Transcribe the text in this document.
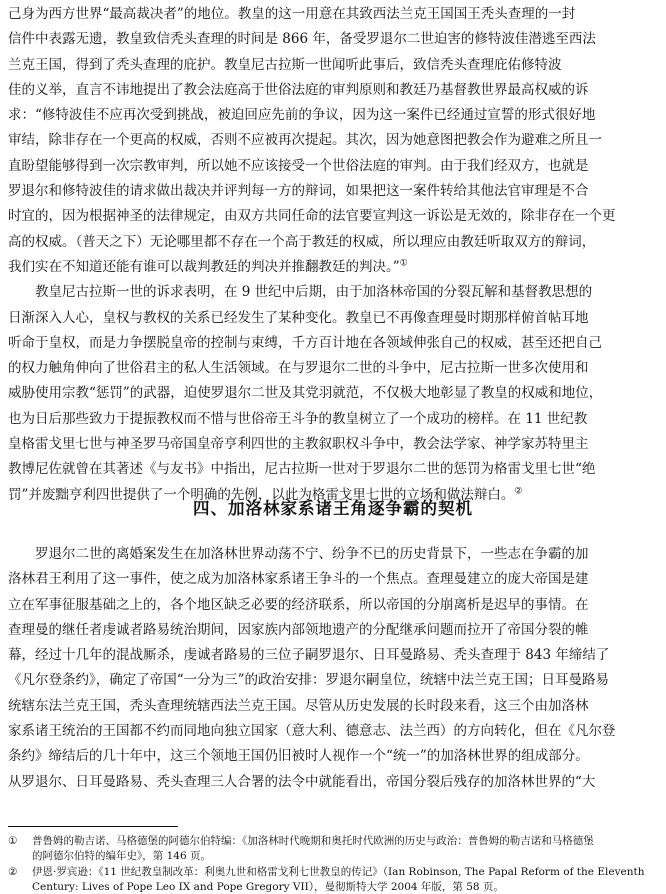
己身为西方世界“最高裁决者”的地位。教皇的这一用意在其致西法兰克王国国王秃头查理的一封
信件中表露无遗，教皇致信秃头查理的时间是 866 年，备受罗退尔二世迫害的修特波佳潜逃至西法
兰克王国，得到了秃头查理的庇护。教皇尼古拉斯一世闻听此事后，致信秃头查理庇佑修特波
佳的义举，直言不讳地提出了教会法庭高于世俗法庭的审判原则和教廷乃基督教世界最高权威的诉
求：“修特波佳不应再次受到挑战，被迫回应先前的争议，因为这一案件已经通过宣誓的形式很好地
审结，除非存在一个更高的权威，否则不应被再次提起。其次，因为她意图把教会作为避难之所且一
直盼望能够得到一次宗教审判，所以她不应该接受一个世俗法庭的审判。由于我们经双方，也就是
罗退尔和修特波佳的请求做出裁决并评判每一方的辩词，如果把这一案件转给其他法官审理是不合
时宜的，因为根据神圣的法律规定，由双方共同任命的法官要宣判这一诉讼是无效的，除非存在一个更
高的权威。（普天之下）无论哪里都不存在一个高于教廷的权威，所以理应由教廷听取双方的辩词，
我们实在不知道还能有谁可以裁判教廷的判决并推翻教廷的判决。”①
教皇尼古拉斯一世的诉求表明，在 9 世纪中后期，由于加洛林帝国的分裂瓦解和基督教思想的
日渐深入人心，皇权与教权的关系已经发生了某种变化。教皇已不再像查理曼时期那样俯首帖耳地
听命于皇权，而是力争摆脱皇帝的控制与束缚，千方百计地在各领域伸张自己的权威，甚至还把自己
的权力触角伸向了世俗君主的私人生活领域。在与罗退尔二世的斗争中，尼古拉斯一世多次使用和
威胁使用宗教“惩罚”的武器，迫使罗退尔二世及其党羽就范，不仅极大地彰显了教皇的权威和地位，
也为日后那些致力于提振教权而不惜与世俗帝王斗争的教皇树立了一个成功的榜样。在 11 世纪教
皇格雷戈里七世与神圣罗马帝国皇帝亨利四世的主教叙职权斗争中，教会法学家、神学家苏特里主
教博尼佐就曾在其著述《与友书》中指出，尼古拉斯一世对于罗退尔二世的惩罚为格雷戈里七世“绝
罚”并废黜亨利四世提供了一个明确的先例，以此为格雷戈里七世的立场和做法辩白。②
四、加洛林家系诸王角逐争霸的契机
罗退尔二世的离婚案发生在加洛林世界动荡不宁、纷争不已的历史背景下，一些志在争霸的加
洛林君王利用了这一事件，使之成为加洛林家系诸王争斗的一个焦点。查理曼建立的庞大帝国是建
立在军事征服基础之上的，各个地区缺乏必要的经济联系，所以帝国的分崩离析是迟早的事情。在
查理曼的继任者虔诚者路易统治期间，因家族内部领地遗产的分配继承问题而拉开了帝国分裂的帷
幕，经过十几年的混战厮杀，虔诚者路易的三位子嗣罗退尔、日耳曼路易、秃头查理于 843 年缔结了
《凡尔登条约》，确定了帝国“一分为三”的政治安排：罗退尔嗣皇位，统辖中法兰克王国；日耳曼路易
统辖东法兰克王国，秃头查理统辖西法兰克王国。尽管从历史发展的长时段来看，这三个由加洛林
家系诸王统治的王国都不约而同地向独立国家（意大利、德意志、法兰西）的方向转化，但在《凡尔登
条约》缔结后的几十年中，这三个领地王国仍旧被时人视作一个“统一”的加洛林世界的组成部分。
从罗退尔、日耳曼路易、秃头查理三人合署的法令中就能看出，帝国分裂后残存的加洛林世界的“大
①	普鲁姆的勒吉诺、马格德堡的阿德尔伯特编：《加洛林时代晚期和奥托时代欧洲的历史与政治：普鲁姆的勒吉诺和马格德堡
的阿德尔伯特的编年史》，第 146 页。
②	伊恩·罗宾逊：《11 世纪教皇制改革：利奥九世和格雷戈利七世教皇的传记》（Ian Robinson, The Papal Reform of the Eleventh
Century: Lives of Pope Leo IX and Pope Gregory VII），曼彻斯特大学 2004 年版，第 58 页。
